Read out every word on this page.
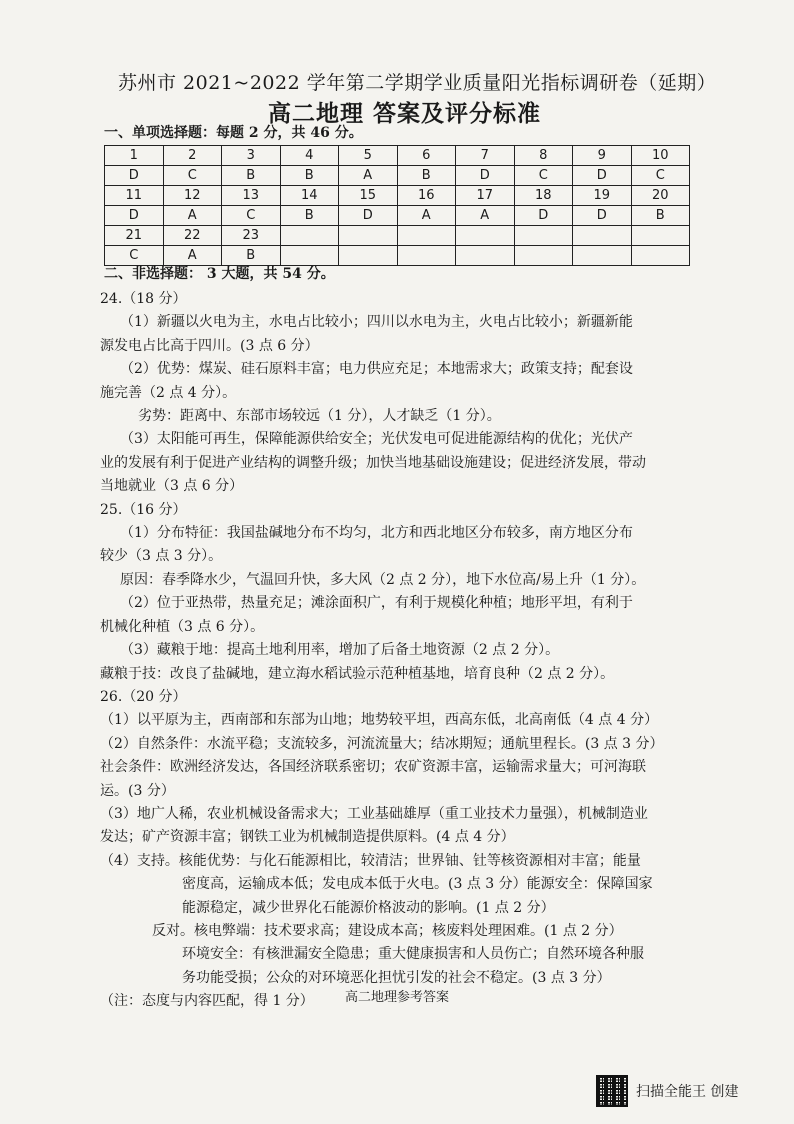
苏州市 2021~2022 学年第二学期学业质量阳光指标调研卷（延期）
高二地理 答案及评分标准
一、单项选择题：每题 2 分，共 46 分。
1	2	3	4	5	6	7	8	9	10
D	C	B	B	A	B	D	C	D	C
11	12	13	14	15	16	17	18	19	20
D	A	C	B	D	A	A	D	D	B
21	22	23							
C	A	B							
二、非选择题： 3 大题，共 54 分。

24.（18 分）

（1）新疆以火电为主，水电占比较小；四川以水电为主，火电占比较小；新疆新能

源发电占比高于四川。(3 点 6 分）

（2）优势：煤炭、硅石原料丰富；电力供应充足；本地需求大；政策支持；配套设

施完善（2 点 4 分）。

劣势：距离中、东部市场较远（1 分），人才缺乏（1 分）。

（3）太阳能可再生，保障能源供给安全；光伏发电可促进能源结构的优化；光伏产

业的发展有利于促进产业结构的调整升级；加快当地基础设施建设；促进经济发展，带动

当地就业（3 点 6 分）

25.（16 分）

（1）分布特征：我国盐碱地分布不均匀，北方和西北地区分布较多，南方地区分布

较少（3 点 3 分）。

原因：春季降水少，气温回升快，多大风（2 点 2 分），地下水位高/易上升（1 分）。

（2）位于亚热带，热量充足；滩涂面积广，有利于规模化种植；地形平坦，有利于

机械化种植（3 点 6 分）。

（3）藏粮于地：提高土地利用率，增加了后备土地资源（2 点 2 分）。

藏粮于技：改良了盐碱地，建立海水稻试验示范种植基地，培育良种（2 点 2 分）。

26.（20 分）

（1）以平原为主，西南部和东部为山地；地势较平坦，西高东低，北高南低（4 点 4 分）

（2）自然条件：水流平稳；支流较多，河流流量大；结冰期短；通航里程长。(3 点 3 分）

社会条件：欧洲经济发达，各国经济联系密切；农矿资源丰富，运输需求量大；可河海联

运。(3 分）

（3）地广人稀，农业机械设备需求大；工业基础雄厚（重工业技术力量强），机械制造业

发达；矿产资源丰富；钢铁工业为机械制造提供原料。(4 点 4 分）

（4）支持。核能优势：与化石能源相比，较清洁；世界铀、钍等核资源相对丰富；能量

密度高，运输成本低；发电成本低于火电。(3 点 3 分）能源安全：保障国家

能源稳定，减少世界化石能源价格波动的影响。(1 点 2 分）

反对。核电弊端：技术要求高；建设成本高；核废料处理困难。(1 点 2 分）

环境安全：有核泄漏安全隐患；重大健康损害和人员伤亡；自然环境各种服

务功能受损；公众的对环境恶化担忧引发的社会不稳定。(3 点 3 分）

（注：态度与内容匹配，得 1 分）	高二地理参考答案
扫描全能王 创建
